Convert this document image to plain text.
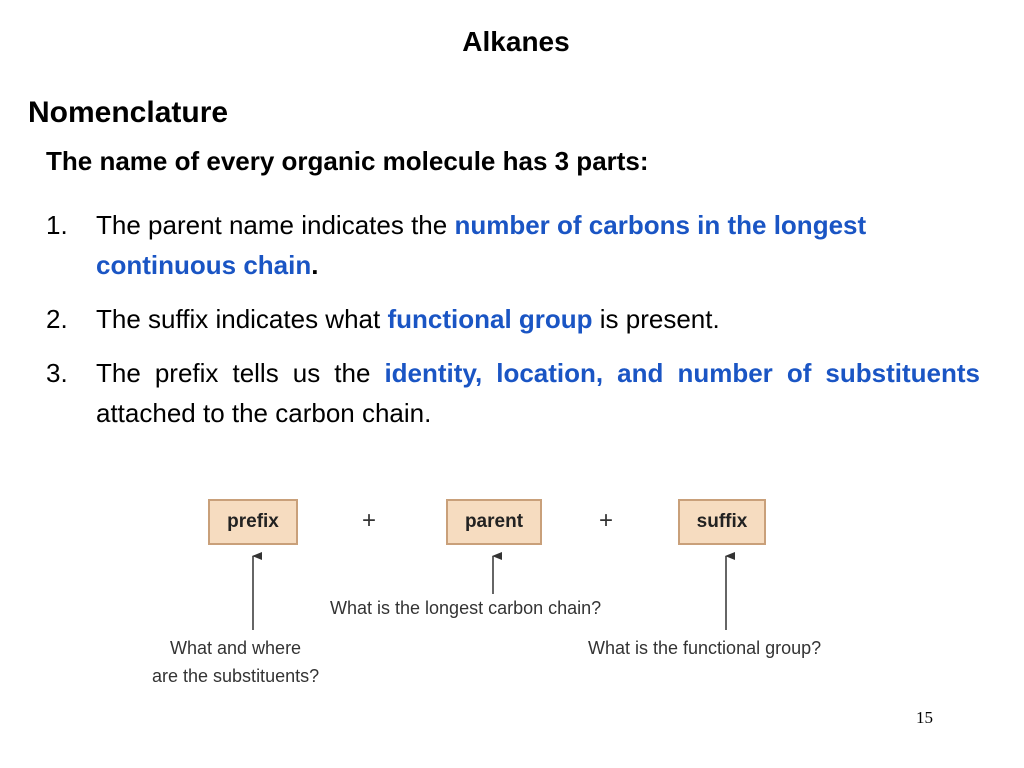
Alkanes
Nomenclature
The name of every organic molecule has 3 parts:
1. The parent name indicates the number of carbons in the longest continuous chain.
2. The suffix indicates what functional group is present.
3. The prefix tells us the identity, location, and number of substituents attached to the carbon chain.
prefix	+	parent	+	suffix
What is the longest carbon chain?
What and where
are the substituents?
What is the functional group?
15
